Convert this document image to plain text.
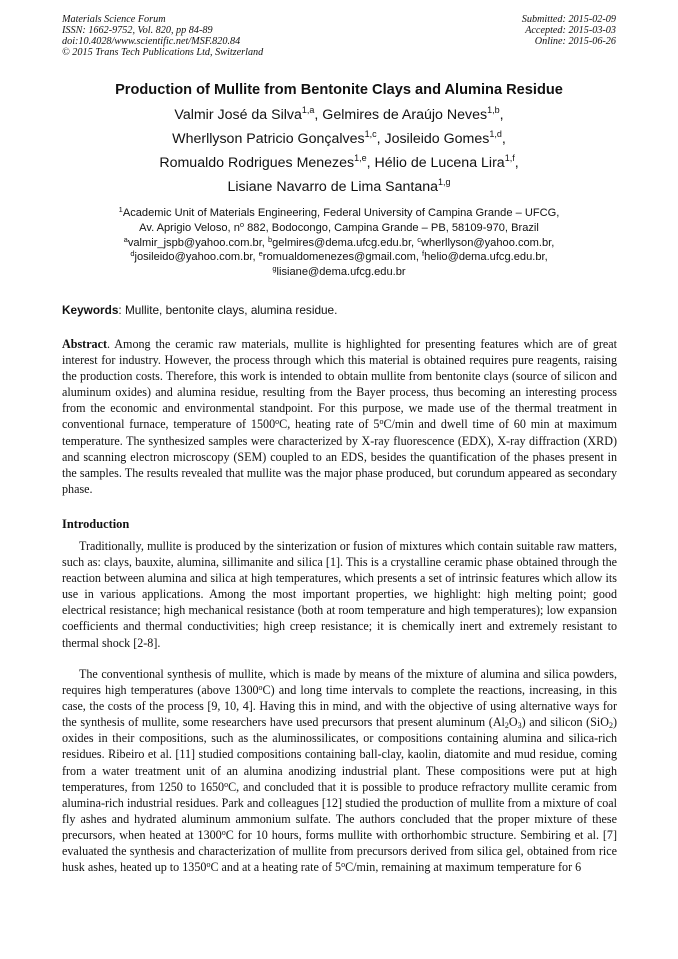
Materials Science Forum
ISSN: 1662-9752, Vol. 820, pp 84-89
doi:10.4028/www.scientific.net/MSF.820.84
© 2015 Trans Tech Publications Ltd, Switzerland
Submitted: 2015-02-09
Accepted: 2015-03-03
Online: 2015-06-26
Production of Mullite from Bentonite Clays and Alumina Residue
Valmir José da Silva$^{1,a}$, Gelmires de Araújo Neves$^{1,b}$,
Wherllyson Patricio Gonçalves$^{1,c}$, Josileido Gomes$^{1,d}$,
Romualdo Rodrigues Menezes$^{1,e}$, Hélio de Lucena Lira$^{1,f}$,
Lisiane Navarro de Lima Santana$^{1,g}$
$^1$Academic Unit of Materials Engineering, Federal University of Campina Grande – UFCG,
Av. Aprigio Veloso, $n^o$ 882, Bodocongo, Campina Grande – PB, 58109-970, Brazil
$^a$valmir_jspb@yahoo.com.br, $^b$gelmires@dema.ufcg.edu.br, $^c$wherllyson@yahoo.com.br,
$^d$josileido@yahoo.com.br, $^e$romualdomenezes@gmail.com, $^f$helio@dema.ufcg.edu.br,
$^g$lisiane@dema.ufcg.edu.br
Keywords: Mullite, bentonite clays, alumina residue.
Abstract. Among the ceramic raw materials, mullite is highlighted for presenting features which are of great interest for industry. However, the process through which this material is obtained requires pure reagents, raising the production costs. Therefore, this work is intended to obtain mullite from bentonite clays (source of silicon and aluminum oxides) and alumina residue, resulting from the Bayer process, thus becoming an interesting process from the economic and environmental standpoint. For this purpose, we made use of the thermal treatment in conventional furnace, temperature of 1500$^o$C, heating rate of 5$^o$C/min and dwell time of 60 min at maximum temperature. The synthesized samples were characterized by X-ray fluorescence (EDX), X-ray diffraction (XRD) and scanning electron microscopy (SEM) coupled to an EDS, besides the quantification of the phases present in the samples. The results revealed that mullite was the major phase produced, but corundum appeared as secondary phase.
Introduction
Traditionally, mullite is produced by the sinterization or fusion of mixtures which contain suitable raw matters, such as: clays, bauxite, alumina, sillimanite and silica [1]. This is a crystalline ceramic phase obtained through the reaction between alumina and silica at high temperatures, which presents a set of intrinsic features which allow its use in various applications. Among the most important properties, we highlight: high melting point; good electrical resistance; high mechanical resistance (both at room temperature and high temperatures); low expansion coefficients and thermal conductivities; high creep resistance; it is chemically inert and extremely resistant to thermal shock [2-8].
The conventional synthesis of mullite, which is made by means of the mixture of alumina and silica powders, requires high temperatures (above 1300$^o$C) and long time intervals to complete the reactions, increasing, in this case, the costs of the process [9, 10, 4]. Having this in mind, and with the objective of using alternative ways for the synthesis of mullite, some researchers have used precursors that present aluminum $(Al_2O_3)$ and silicon (SiO$_2$) oxides in their compositions, such as the aluminossilicates, or compositions containing alumina and silica-rich residues. Ribeiro et al. [11] studied compositions containing ball-clay, kaolin, diatomite and mud residue, coming from a water treatment unit of an alumina anodizing industrial plant. These compositions were put at high temperatures, from 1250 to 1650$^o$C, and concluded that it is possible to produce refractory mullite ceramic from alumina-rich industrial residues. Park and colleagues [12] studied the production of mullite from a mixture of coal fly ashes and hydrated aluminum ammonium sulfate. The authors concluded that the proper mixture of these precursors, when heated at 1300$^o$C for 10 hours, forms mullite with orthorhombic structure. Sembiring et al. [7] evaluated the synthesis and characterization of mullite from precursors derived from silica gel, obtained from rice husk ashes, heated up to 1350$^o$C and at a heating rate of 5$^o$C/min, remaining at maximum temperature for 6
